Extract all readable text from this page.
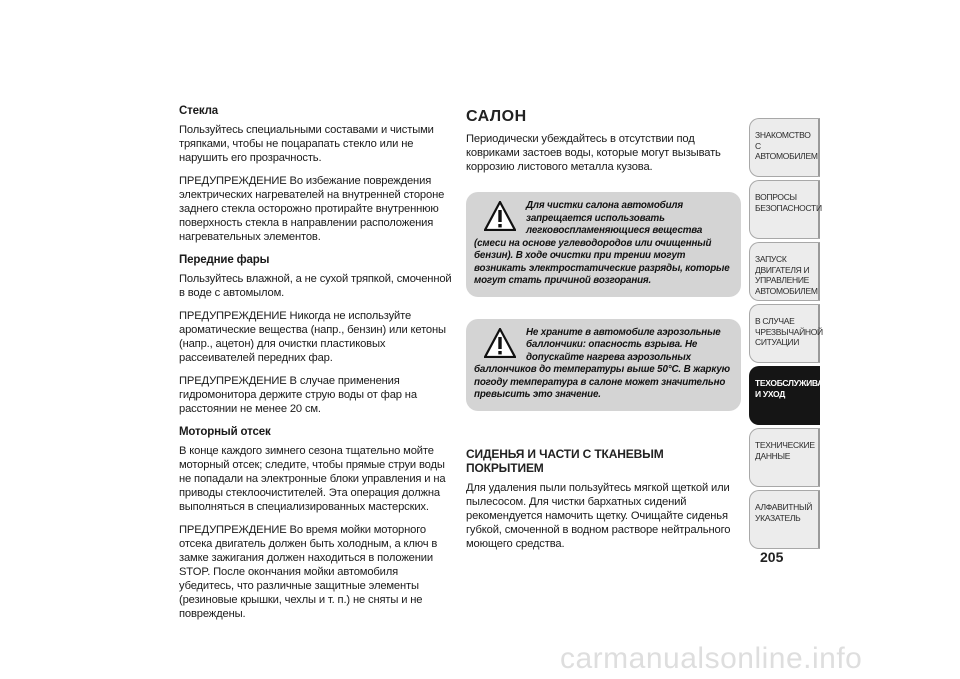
Стекла

Пользуйтесь специальными составами и чистыми тряпками, чтобы не поцарапать стекло или не нарушить его прозрачность.

ПРЕДУПРЕЖДЕНИЕ Во избежание повреждения электрических нагревателей на внутренней стороне заднего стекла осторожно протирайте внутреннюю поверхность стекла в направлении расположения нагревательных элементов.

Передние фары

Пользуйтесь влажной, а не сухой тряпкой, смоченной в воде с автомылом.

ПРЕДУПРЕЖДЕНИЕ Никогда не используйте ароматические вещества (напр., бензин) или кетоны (напр., ацетон) для очистки пластиковых рассеивателей передних фар.

ПРЕДУПРЕЖДЕНИЕ В случае применения гидромонитора держите струю воды от фар на расстоянии не менее 20 см.

Моторный отсек

В конце каждого зимнего сезона тщательно мойте моторный отсек; следите, чтобы прямые струи воды не попадали на электронные блоки управления и на приводы стеклоочистителей. Эта операция должна выполняться в специализированных мастерских.

ПРЕДУПРЕЖДЕНИЕ Во время мойки моторного отсека двигатель должен быть холодным, а ключ в замке зажигания должен находиться в положении STOP. После окончания мойки автомобиля убедитесь, что различные защитные элементы (резиновые крышки, чехлы и т. п.) не сняты и не повреждены.

САЛОН

Периодически убеждайтесь в отсутствии под ковриками застоев воды, которые могут вызывать коррозию листового металла кузова.

Для чистки салона автомобиля запрещается использовать легковоспламеняющиеся вещества (смеси на основе углеводородов или очищенный бензин). В ходе очистки при трении могут возникать электростатические разряды, которые могут стать причиной возгорания.
Не храните в автомобиле аэрозольные баллончики: опасность взрыва. Не допускайте нагрева аэрозольных баллончиков до температуры выше 50°C. В жаркую погоду температура в салоне может значительно превысить это значение.
СИДЕНЬЯ И ЧАСТИ С ТКАНЕВЫМ ПОКРЫТИЕМ

Для удаления пыли пользуйтесь мягкой щеткой или пылесосом. Для чистки бархатных сидений рекомендуется намочить щетку. Очищайте сиденья губкой, смоченной в водном растворе нейтрального моющего средства.

ЗНАКОМСТВО С АВТОМОБИЛЕМ
ВОПРОСЫ БЕЗОПАСНОСТИ
ЗАПУСК ДВИГАТЕЛЯ И УПРАВЛЕНИЕ АВТОМОБИЛЕМ
В СЛУЧАЕ ЧРЕЗВЫЧАЙНОЙ СИТУАЦИИ
ТЕХОБСЛУЖИВАНИЕ И УХОД
ТЕХНИЧЕСКИЕ ДАННЫЕ
АЛФАВИТНЫЙ УКАЗАТЕЛЬ
205
carmanualsonline.info
